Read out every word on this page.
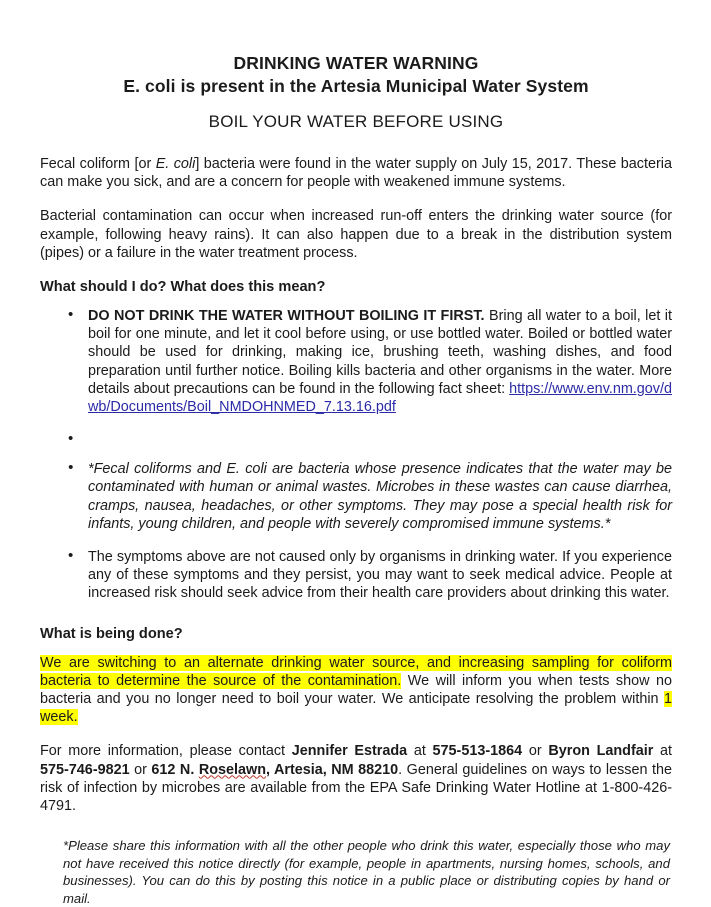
DRINKING WATER WARNING
E. coli is present in the Artesia Municipal Water System
BOIL YOUR WATER BEFORE USING

Fecal coliform [or E. coli] bacteria were found in the water supply on July 15, 2017. These bacteria can make you sick, and are a concern for people with weakened immune systems.

Bacterial contamination can occur when increased run-off enters the drinking water source (for example, following heavy rains). It can also happen due to a break in the distribution system (pipes) or a failure in the water treatment process.

What should I do? What does this mean?
• DO NOT DRINK THE WATER WITHOUT BOILING IT FIRST. Bring all water to a boil, let it boil for one minute, and let it cool before using, or use bottled water. Boiled or bottled water should be used for drinking, making ice, brushing teeth, washing dishes, and food preparation until further notice. Boiling kills bacteria and other organisms in the water. More details about precautions can be found in the following fact sheet: https://www.env.nm.gov/dwb/Documents/Boil_NMDOHNMED_7.13.16.pdf
•
• *Fecal coliforms and E. coli are bacteria whose presence indicates that the water may be contaminated with human or animal wastes. Microbes in these wastes can cause diarrhea, cramps, nausea, headaches, or other symptoms. They may pose a special health risk for infants, young children, and people with severely compromised immune systems.*
• The symptoms above are not caused only by organisms in drinking water. If you experience any of these symptoms and they persist, you may want to seek medical advice. People at increased risk should seek advice from their health care providers about drinking this water.
What is being done?

We are switching to an alternate drinking water source, and increasing sampling for coliform bacteria to determine the source of the contamination. We will inform you when tests show no bacteria and you no longer need to boil your water. We anticipate resolving the problem within 1 week.

For more information, please contact Jennifer Estrada at 575-513-1864 or Byron Landfair at 575-746-9821 or 612 N. Roselawn, Artesia, NM 88210. General guidelines on ways to lessen the risk of infection by microbes are available from the EPA Safe Drinking Water Hotline at 1-800-426-4791.

*Please share this information with all the other people who drink this water, especially those who may not have received this notice directly (for example, people in apartments, nursing homes, schools, and businesses). You can do this by posting this notice in a public place or distributing copies by hand or mail.
